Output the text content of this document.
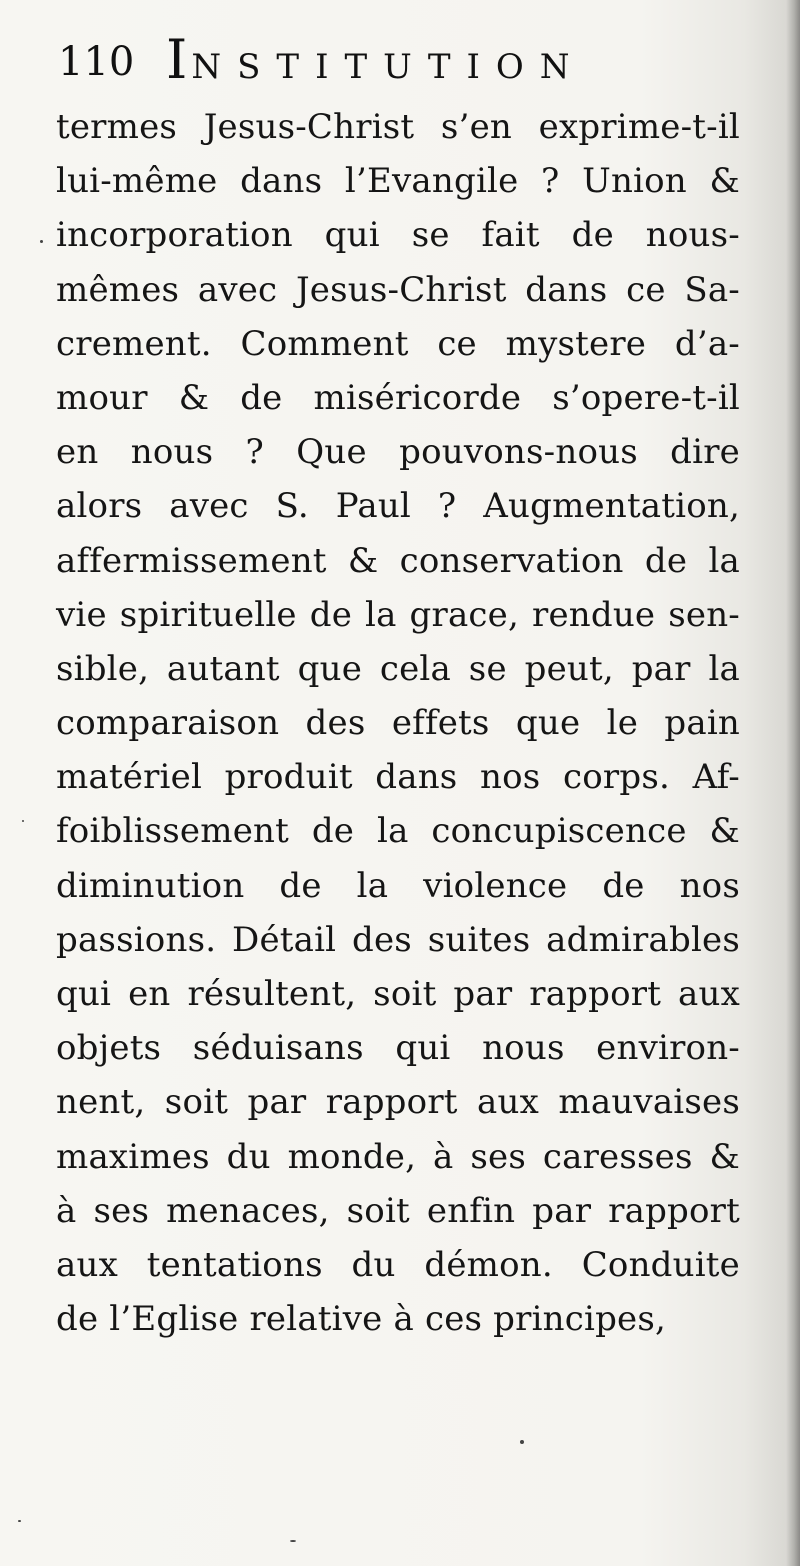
110 INSTITUTION
termes Jesus-Christ s’en exprime-t-il
lui-même dans l’Evangile ? Union &
incorporation qui se fait de nous-
mêmes avec Jesus-Christ dans ce Sa-
crement. Comment ce mystere d’a-
mour & de miséricorde s’opere-t-il
en nous ? Que pouvons-nous dire
alors avec S. Paul ? Augmentation,
affermissement & conservation de la
vie spirituelle de la grace, rendue sen-
sible, autant que cela se peut, par la
comparaison des effets que le pain
matériel produit dans nos corps. Af-
foiblissement de la concupiscence &
diminution de la violence de nos
passions. Détail des suites admirables
qui en résultent, soit par rapport aux
objets séduisans qui nous environ-
nent, soit par rapport aux mauvaises
maximes du monde, à ses caresses &
à ses menaces, soit enfin par rapport
aux tentations du démon. Conduite
de l’Eglise relative à ces principes,
